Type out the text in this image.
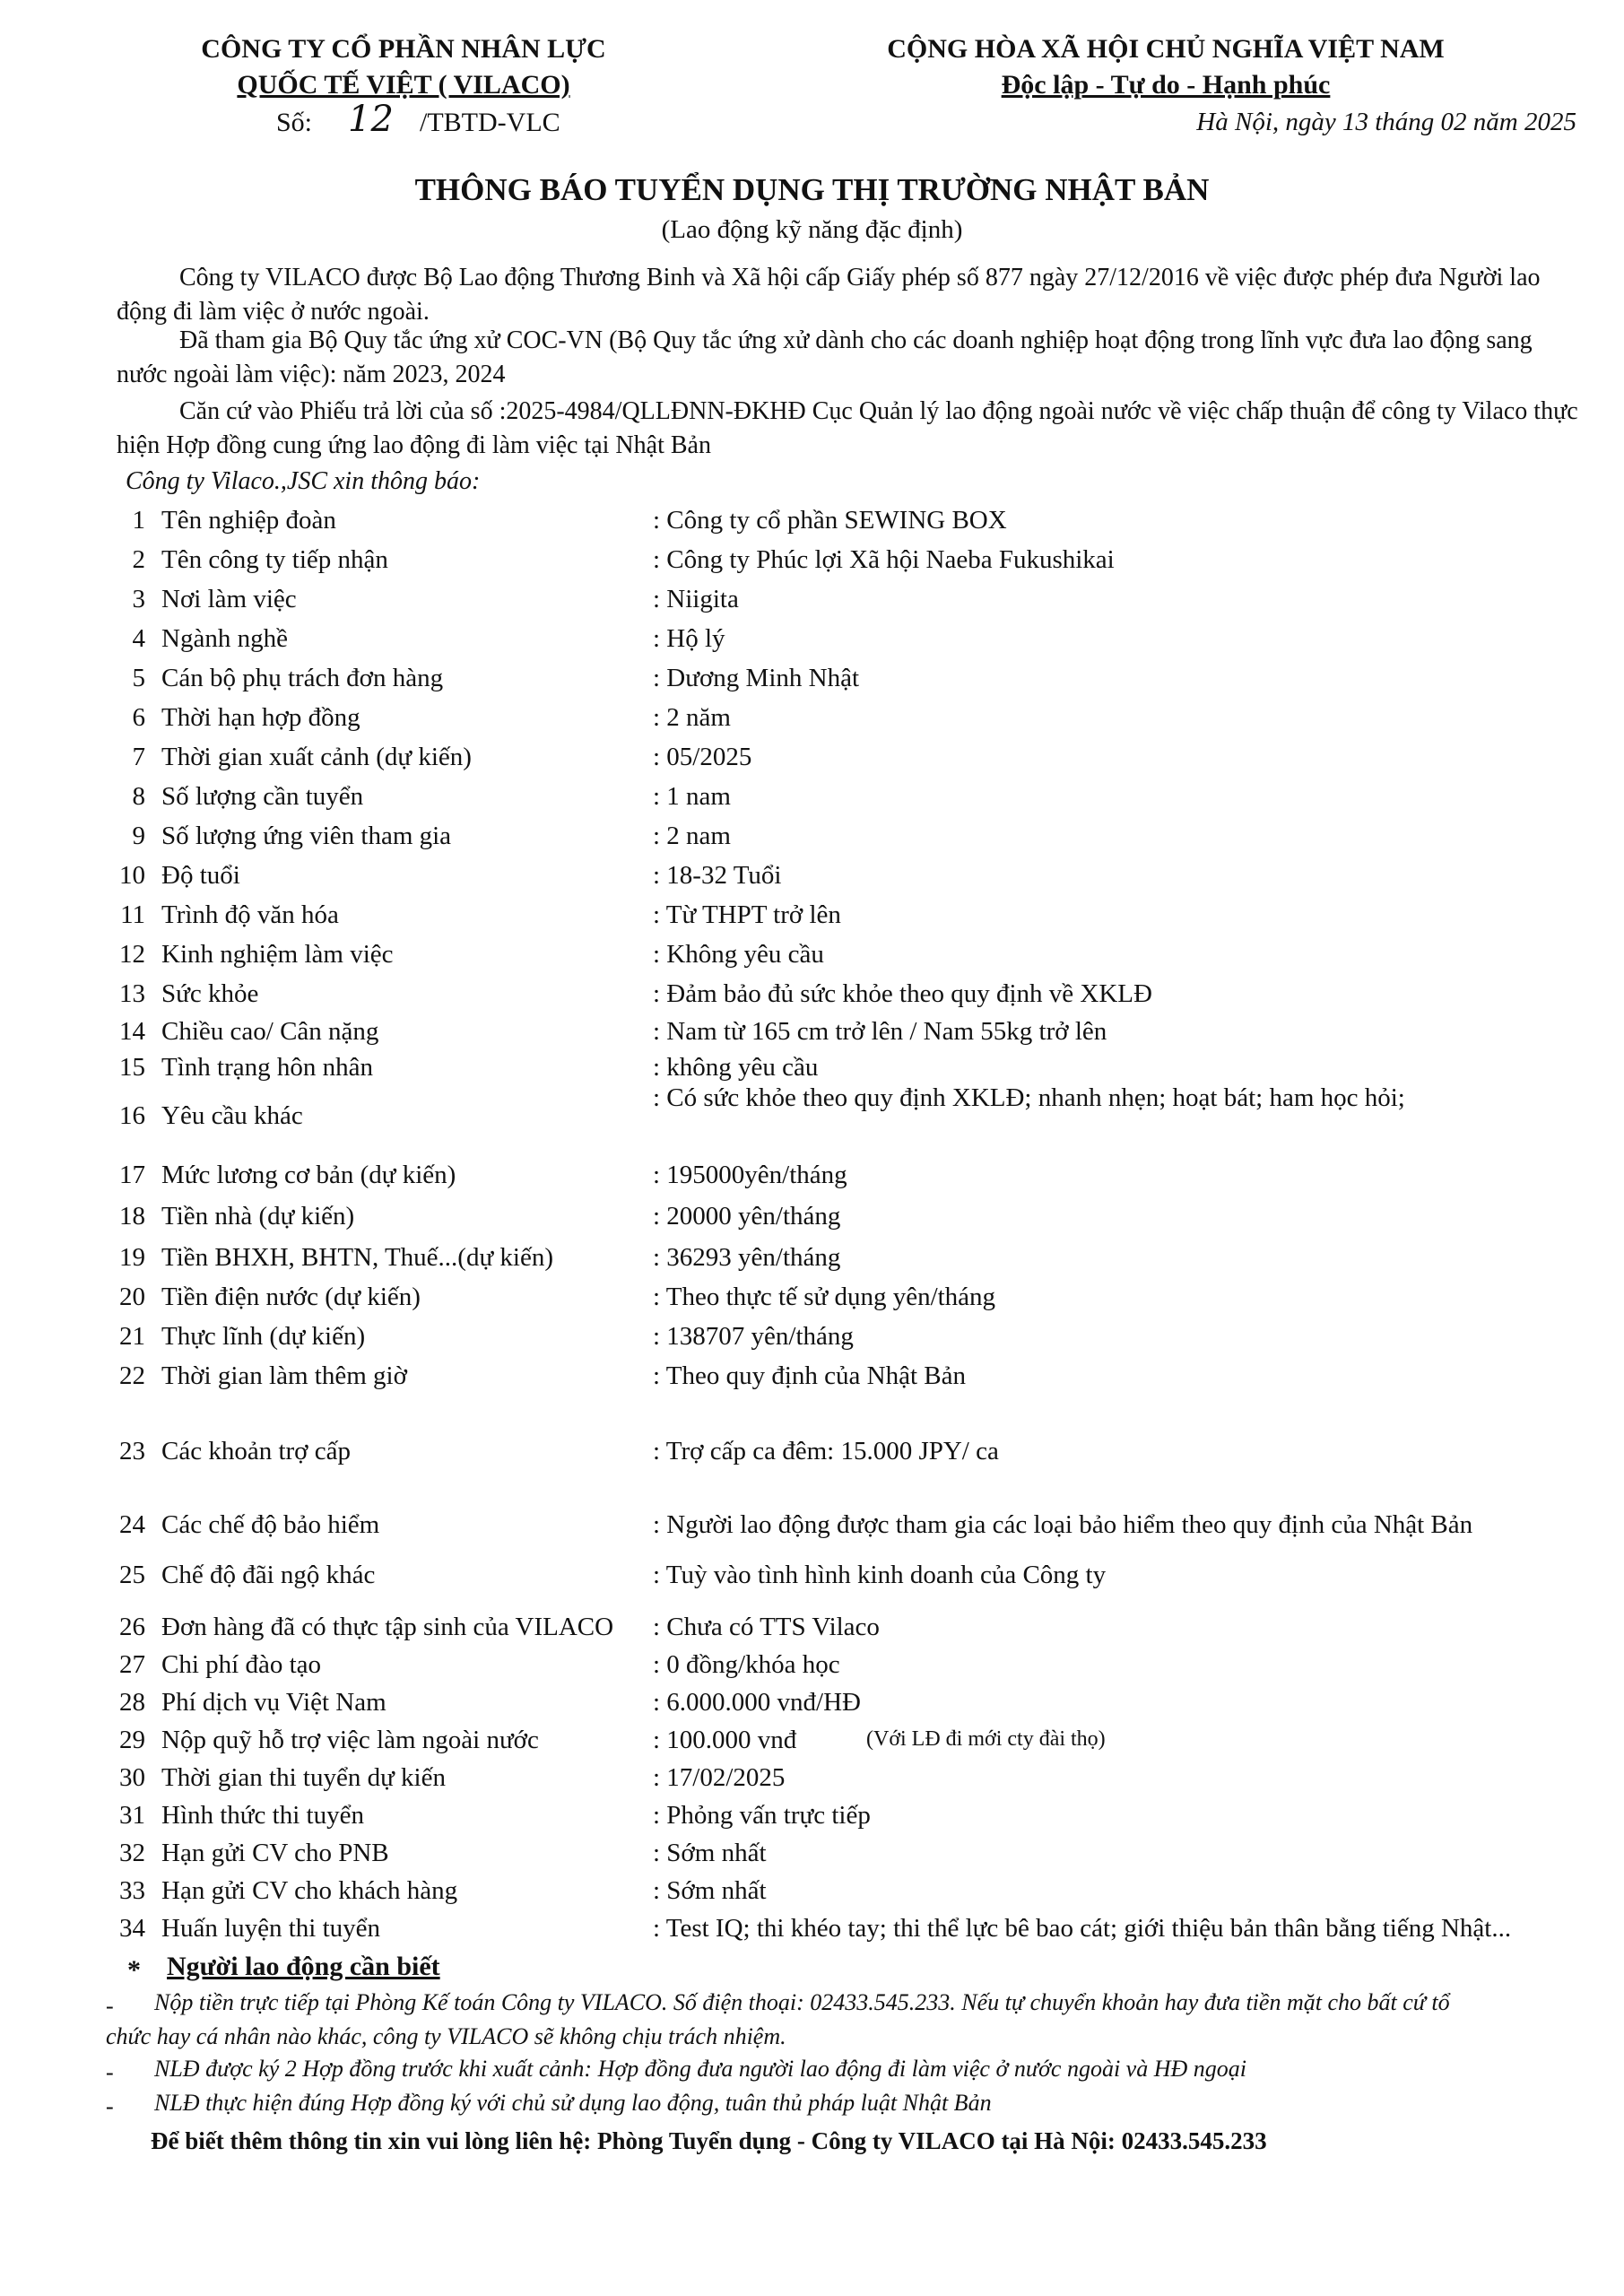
CÔNG TY CỔ PHẦN NHÂN LỰC
QUỐC TẾ VIỆT ( VILACO)
Số: 12 /TBTD-VLC
CỘNG HÒA XÃ HỘI CHỦ NGHĨA VIỆT NAM
Độc lập - Tự do - Hạnh phúc
Hà Nội, ngày 13 tháng 02 năm 2025
THÔNG BÁO TUYỂN DỤNG THỊ TRƯỜNG NHẬT BẢN
(Lao động kỹ năng đặc định)
Công ty VILACO được Bộ Lao động Thương Binh và Xã hội cấp Giấy phép số 877 ngày 27/12/2016 về việc được phép đưa Người lao
động đi làm việc ở nước ngoài.
Đã tham gia Bộ Quy tắc ứng xử COC-VN (Bộ Quy tắc ứng xử dành cho các doanh nghiệp hoạt động trong lĩnh vực đưa lao động sang
nước ngoài làm việc): năm 2023, 2024
Căn cứ vào Phiếu trả lời của số :2025-4984/QLLĐNN-ĐKHĐ Cục Quản lý lao động ngoài nước về việc chấp thuận để công ty Vilaco thực
hiện Hợp đồng cung ứng lao động đi làm việc tại Nhật Bản
Công ty Vilaco.,JSC xin thông báo:
1 Tên nghiệp đoàn	: Công ty cổ phần SEWING BOX
2 Tên công ty tiếp nhận	: Công ty Phúc lợi Xã hội Naeba Fukushikai
3 Nơi làm việc	: Niigita
4 Ngành nghề	: Hộ lý
5 Cán bộ phụ trách đơn hàng	: Dương Minh Nhật
6 Thời hạn hợp đồng	: 2 năm
7 Thời gian xuất cảnh (dự kiến)	: 05/2025
8 Số lượng cần tuyển	: 1 nam
9 Số lượng ứng viên tham gia	: 2 nam
10 Độ tuổi	: 18-32 Tuổi
11 Trình độ văn hóa	: Từ THPT trở lên
12 Kinh nghiệm làm việc	: Không yêu cầu
13 Sức khỏe	: Đảm bảo đủ sức khỏe theo quy định về XKLĐ
14 Chiều cao/ Cân nặng	: Nam từ 165 cm trở lên / Nam 55kg trở lên
15 Tình trạng hôn nhân	: không yêu cầu
16 Yêu cầu khác
: Có sức khỏe theo quy định XKLĐ; nhanh nhẹn; hoạt bát; ham học hỏi;
17 Mức lương cơ bản (dự kiến)	: 195000yên/tháng
18 Tiền nhà (dự kiến)	: 20000 yên/tháng
19 Tiền BHXH, BHTN, Thuế...(dự kiến)	: 36293 yên/tháng
20 Tiền điện nước (dự kiến)	: Theo thực tế sử dụng yên/tháng
21 Thực lĩnh (dự kiến)	: 138707 yên/tháng
22 Thời gian làm thêm giờ	: Theo quy định của Nhật Bản
23 Các khoản trợ cấp	: Trợ cấp ca đêm: 15.000 JPY/ ca
24 Các chế độ bảo hiểm	: Người lao động được tham gia các loại bảo hiểm theo quy định của Nhật Bản
25 Chế độ đãi ngộ khác	: Tuỳ vào tình hình kinh doanh của Công ty
26 Đơn hàng đã có thực tập sinh của VILACO : Chưa có TTS Vilaco
27 Chi phí đào tạo	: 0 đồng/khóa học
28 Phí dịch vụ Việt Nam	: 6.000.000 vnđ/HĐ
29 Nộp quỹ hỗ trợ việc làm ngoài nước	: 100.000 vnđ	(Với LĐ đi mới cty đài thọ)
30 Thời gian thi tuyển dự kiến	: 17/02/2025
31 Hình thức thi tuyển	: Phỏng vấn trực tiếp
32 Hạn gửi CV cho PNB	: Sớm nhất
33 Hạn gửi CV cho khách hàng	: Sớm nhất
34 Huấn luyện thi tuyển	: Test IQ; thi khéo tay; thi thể lực bê bao cát; giới thiệu bản thân bằng tiếng Nhật...
* Người lao động cần biết
- Nộp tiền trực tiếp tại Phòng Kế toán Công ty VILACO. Số điện thoại: 02433.545.233. Nếu tự chuyển khoản hay đưa tiền mặt cho bất cứ tổ
chức hay cá nhân nào khác, công ty VILACO sẽ không chịu trách nhiệm.
- NLĐ được ký 2 Hợp đồng trước khi xuất cảnh: Hợp đồng đưa người lao động đi làm việc ở nước ngoài và HĐ ngoại
- NLĐ thực hiện đúng Hợp đồng ký với chủ sử dụng lao động, tuân thủ pháp luật Nhật Bản
Để biết thêm thông tin xin vui lòng liên hệ: Phòng Tuyển dụng - Công ty VILACO tại Hà Nội: 02433.545.233
